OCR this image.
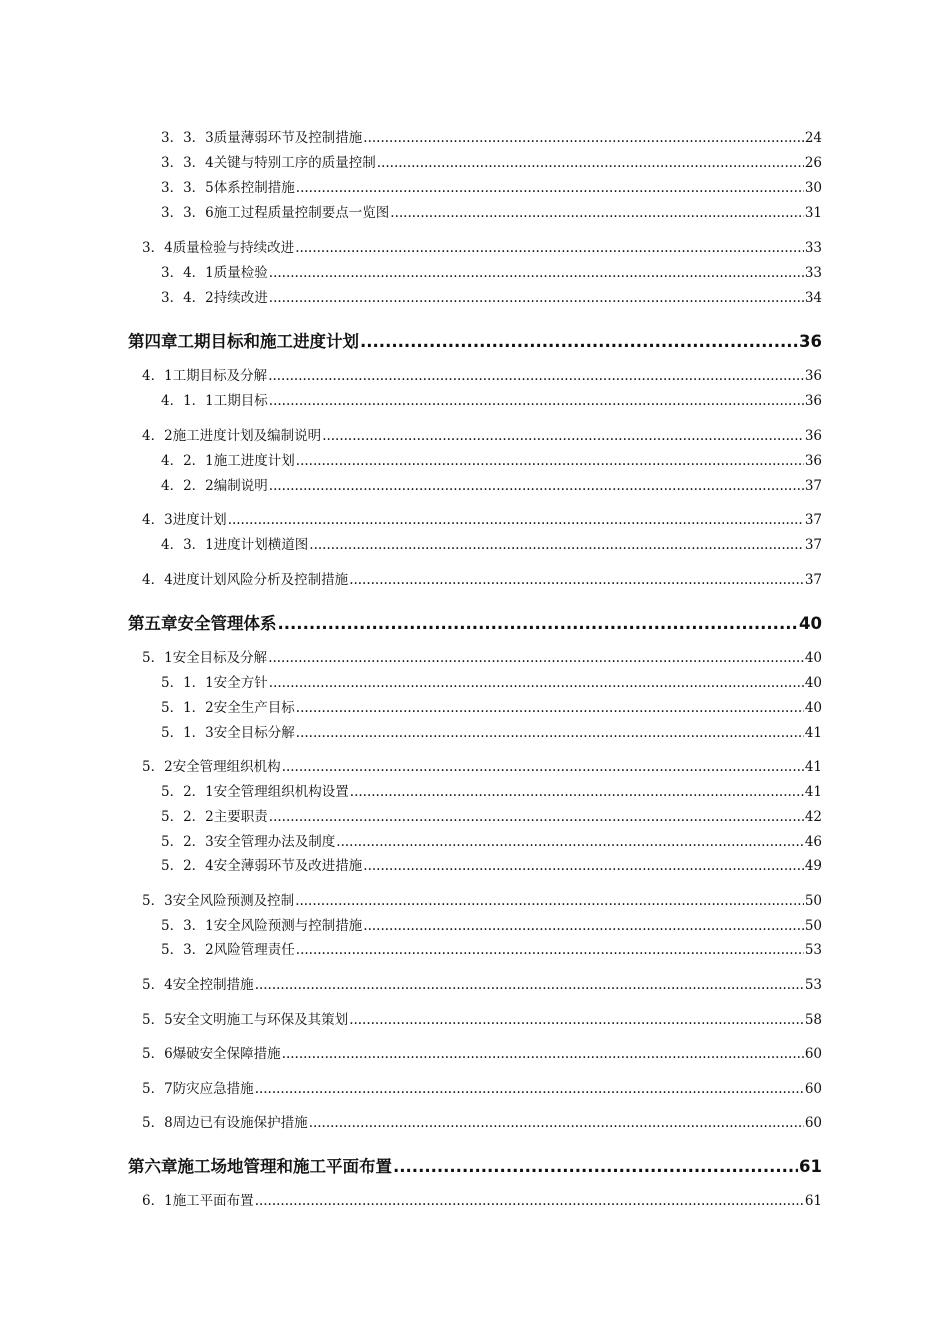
3．3．3 质量薄弱环节及控制措施 .....	24
3．3．4 关键与特别工序的质量控制 .....	26
3．3．5 体系控制措施 .....	30
3．3．6 施工过程质量控制要点一览图 .....	31
3．4 质量检验与持续改进 .....	33
3．4．1 质量检验 .....	33
3．4．2 持续改进 .....	34
第四章 工期目标和施工进度计划 .....	36
4．1 工期目标及分解 .....	36
4．1．1 工期目标 .....	36
4．2 施工进度计划及编制说明 .....	36
4．2．1 施工进度计划 .....	36
4．2．2 编制说明 .....	37
4．3 进度计划 .....	37
4．3．1 进度计划横道图 .....	37
4．4 进度计划风险分析及控制措施 .....	37
第五章 安全管理体系 .....	40
5．1 安全目标及分解 .....	40
5．1．1 安全方针 .....	40
5．1．2 安全生产目标 .....	40
5．1．3 安全目标分解 .....	41
5．2 安全管理组织机构 .....	41
5．2．1 安全管理组织机构设置 .....	41
5．2．2 主要职责 .....	42
5．2．3 安全管理办法及制度 .....	46
5．2．4 安全薄弱环节及改进措施 .....	49
5．3 安全风险预测及控制 .....	50
5．3．1 安全风险预测与控制措施 .....	50
5．3．2 风险管理责任 .....	53
5．4 安全控制措施 .....	53
5．5 安全文明施工与环保及其策划 .....	58
5．6 爆破安全保障措施 .....	60
5．7 防灾应急措施 .....	60
5．8 周边已有设施保护措施 .....	60
第六章 施工场地管理和施工平面布置 .....	61
6．1 施工平面布置 .....	61
